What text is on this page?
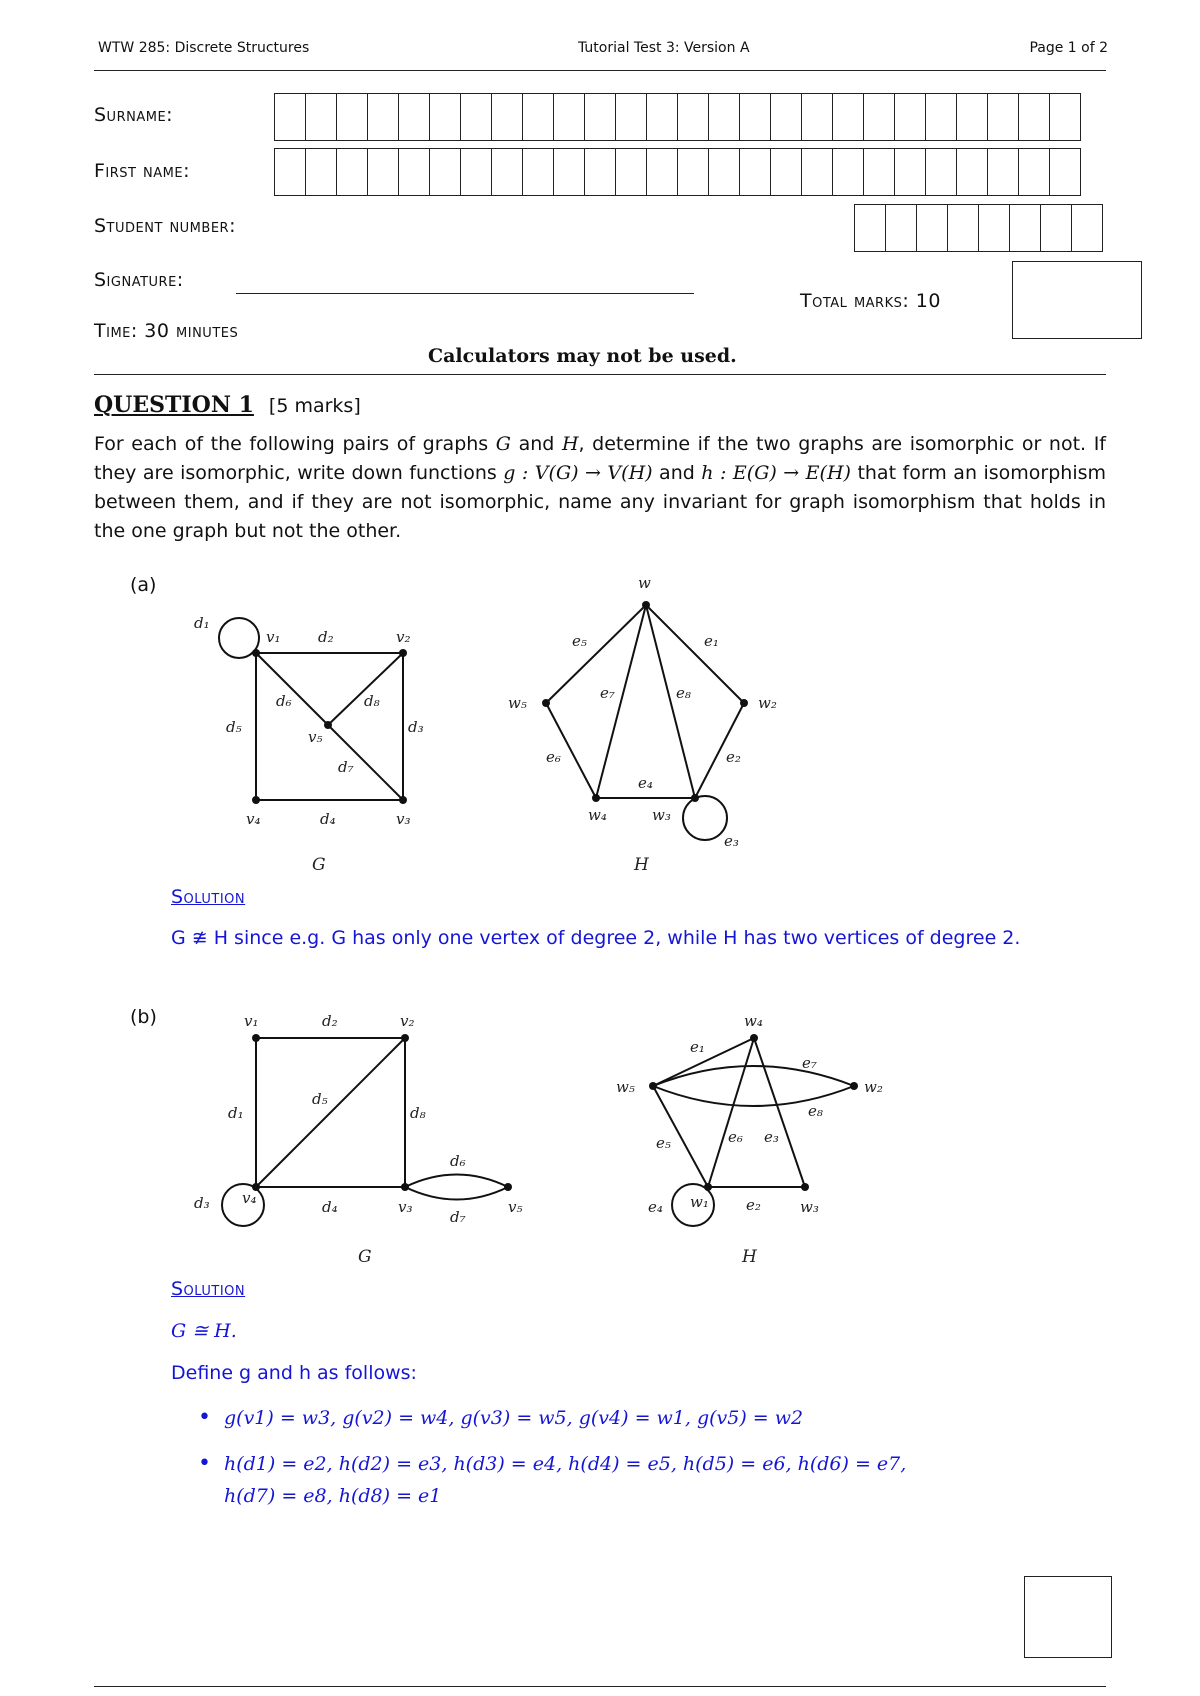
WTW 285: Discrete Structures	Tutorial Test 3: Version A	Page 1 of 2
Surname:
First name:
Student number:
Signature:
Total marks: 10
Time: 30 minutes
Calculators may not be used.
QUESTION 1 [5 marks]
For each of the following pairs of graphs G and H, determine if the two graphs are isomorphic or not. If they are isomorphic, write down functions g : V(G) → V(H) and h : E(G) → E(H) that form an isomorphism between them, and if they are not isomorphic, name any invariant for graph isomorphism that holds in the one graph but not the other.
(a)
d₁
v₁	d₂	v₂
d₅
d₆	d₈
d₃
v₅
d₇
v₄	d₄	v₃
G
w
e₅	e₁
w₅	w₂
e₇	e₈
e₆	e₂
e₄
w₄	w₃
e₃
H
Solution
G ≇ H since e.g. G has only one vertex of degree 2, while H has two vertices of degree 2.
(b)	v₁	d₂	v₂
d₁
d₅
d₈
d₆
d₃ v₄	d₄	v₃
d₇
v₅
G
w₄
e₁
e₇
w₅	w₂
e₈
e₅	e₆ e₃
e₄ w₁ e₂	w₃
H
Solution
G ≅ H.
Define g and h as follows:
• g(v1) = w3, g(v2) = w4, g(v3) = w5, g(v4) = w1, g(v5) = w2
• h(d1) = e2, h(d2) = e3, h(d3) = e4, h(d4) = e5, h(d5) = e6, h(d6) = e7,
h(d7) = e8, h(d8) = e1
